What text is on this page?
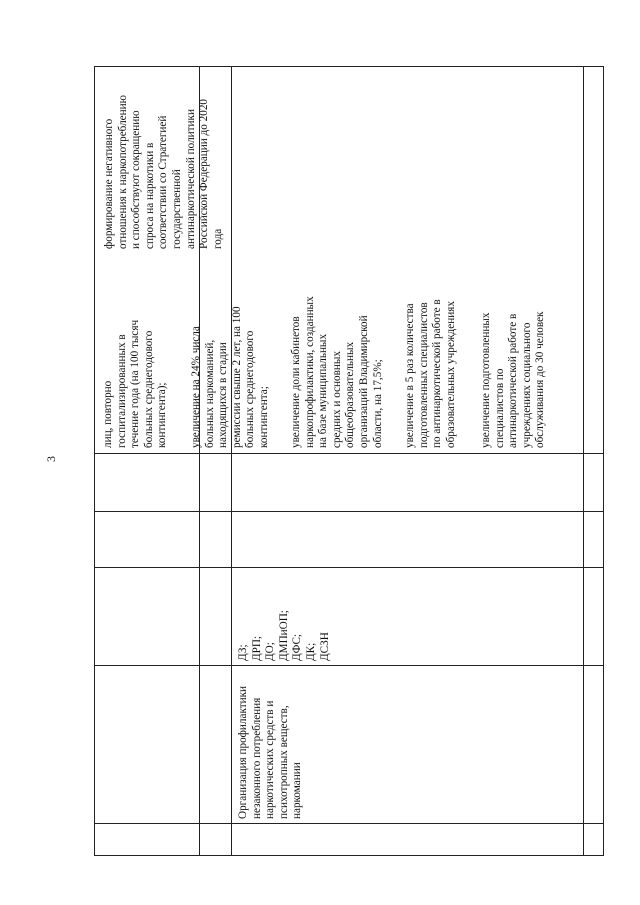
3
Организация профилактики
незаконного потребления
наркотических средств и
психотропных веществ,
наркомании
ДЗ;
ДРП;
ДО;
ДМПиОП;
ДФС;
ДК;
ДСЗН

формирование негативного
отношения к наркопотреблению
и способствуют сокращению
спроса на наркотики в
соответствии со Стратегией
государственной
антинаркотической политики
Российской Федерации до 2020
года
лиц, повторно
госпитализированных в
течение года (на 100 тысяч
больных среднегодового
контингента); увеличение на 24% числа
больных наркоманией,
находящихся в стадии
ремиссии свыше 2 лет, на 100
больных среднегодового
контингента; увеличение доли кабинетов
наркопрофилактики, созданных
на базе муниципальных
средних и основных
общеобразовательных
организаций Владимирской
области, на 17,5%;
увеличение в 5 раз количества
подготовленных специалистов
по антинаркотической работе в
образовательных учреждениях
увеличение подготовленных
специалистов по
антинаркотической работе в
учреждениях социального
обслуживания до 30 человек
